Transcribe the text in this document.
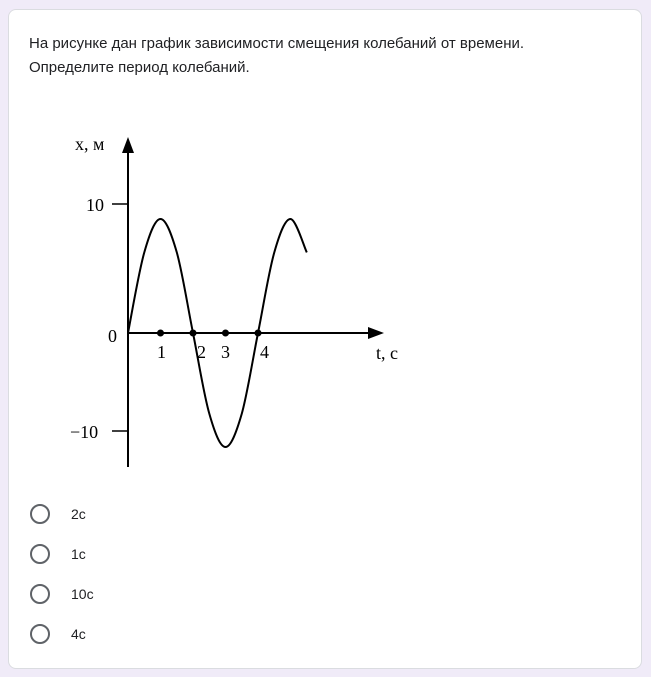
На рисунке дан график зависимости смещения колебаний от времени.
Определите период колебаний.

x, м
t, c
0
10
−10
1 2 3 4
2с
1с
10с
4с
